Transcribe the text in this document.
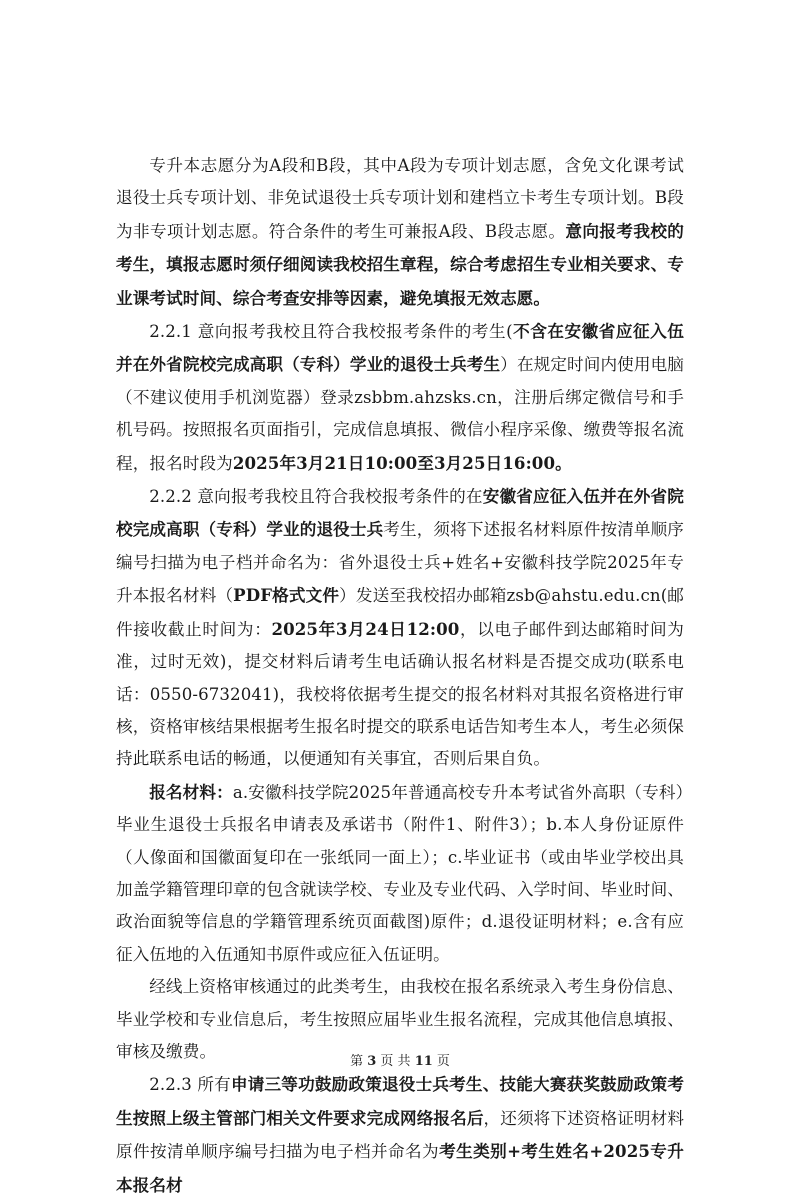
专升本志愿分为A段和B段，其中A段为专项计划志愿，含免文化课考试退役士兵专项计划、非免试退役士兵专项计划和建档立卡考生专项计划。B段为非专项计划志愿。符合条件的考生可兼报A段、B段志愿。意向报考我校的考生，填报志愿时须仔细阅读我校招生章程，综合考虑招生专业相关要求、专业课考试时间、综合考查安排等因素，避免填报无效志愿。

2.2.1 意向报考我校且符合我校报考条件的考生(不含在安徽省应征入伍并在外省院校完成高职（专科）学业的退役士兵考生）在规定时间内使用电脑（不建议使用手机浏览器）登录zsbbm.ahzsks.cn，注册后绑定微信号和手机号码。按照报名页面指引，完成信息填报、微信小程序采像、缴费等报名流程，报名时段为2025年3月21日10:00至3月25日16:00。

2.2.2 意向报考我校且符合我校报考条件的在安徽省应征入伍并在外省院校完成高职（专科）学业的退役士兵考生，须将下述报名材料原件按清单顺序编号扫描为电子档并命名为：省外退役士兵+姓名+安徽科技学院2025年专升本报名材料（PDF格式文件）发送至我校招办邮箱zsb@ahstu.edu.cn(邮件接收截止时间为：2025年3月24日12:00，以电子邮件到达邮箱时间为准，过时无效)，提交材料后请考生电话确认报名材料是否提交成功(联系电话：0550-6732041)，我校将依据考生提交的报名材料对其报名资格进行审核，资格审核结果根据考生报名时提交的联系电话告知考生本人，考生必须保持此联系电话的畅通，以便通知有关事宜，否则后果自负。

报名材料：a.安徽科技学院2025年普通高校专升本考试省外高职（专科）毕业生退役士兵报名申请表及承诺书（附件1、附件3）；b.本人身份证原件（人像面和国徽面复印在一张纸同一面上）；c.毕业证书（或由毕业学校出具加盖学籍管理印章的包含就读学校、专业及专业代码、入学时间、毕业时间、政治面貌等信息的学籍管理系统页面截图)原件；d.退役证明材料；e.含有应征入伍地的入伍通知书原件或应征入伍证明。

经线上资格审核通过的此类考生，由我校在报名系统录入考生身份信息、毕业学校和专业信息后，考生按照应届毕业生报名流程，完成其他信息填报、审核及缴费。

2.2.3 所有申请三等功鼓励政策退役士兵考生、技能大赛获奖鼓励政策考生按照上级主管部门相关文件要求完成网络报名后，还须将下述资格证明材料原件按清单顺序编号扫描为电子档并命名为考生类别+考生姓名+2025专升本报名材

第 3 页 共 11 页
